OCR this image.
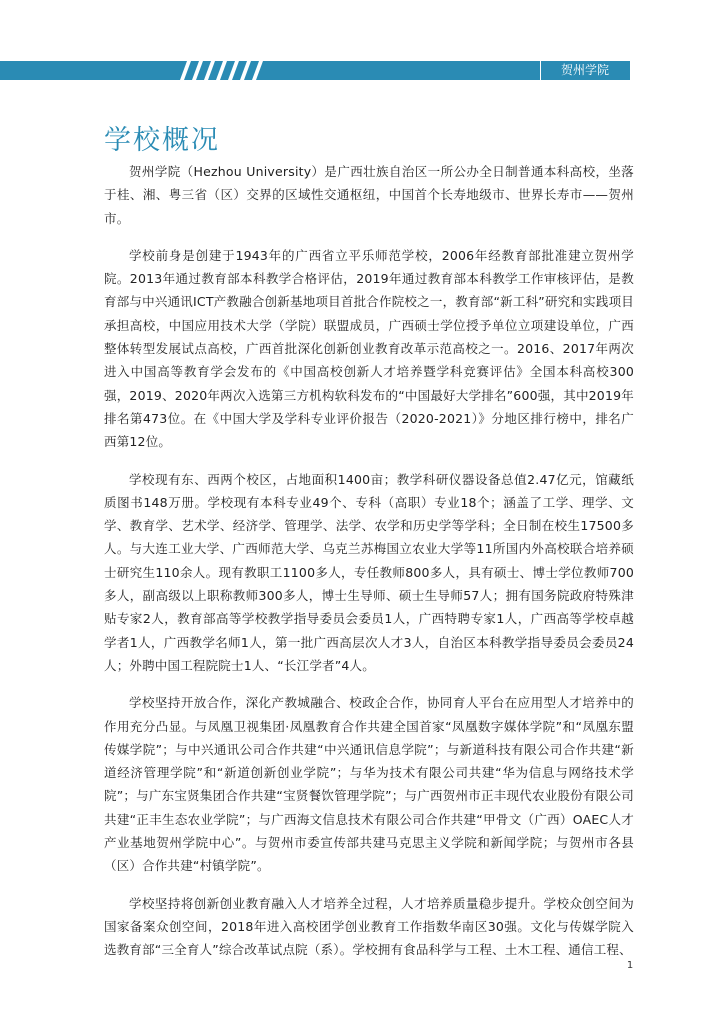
贺州学院
学校概况

贺州学院（Hezhou University）是广西壮族自治区一所公办全日制普通本科高校，坐落于桂、湘、粤三省（区）交界的区域性交通枢纽，中国首个长寿地级市、世界长寿市——贺州市。

学校前身是创建于1943年的广西省立平乐师范学校，2006年经教育部批准建立贺州学院。2013年通过教育部本科教学合格评估，2019年通过教育部本科教学工作审核评估，是教育部与中兴通讯ICT产教融合创新基地项目首批合作院校之一，教育部“新工科”研究和实践项目承担高校，中国应用技术大学（学院）联盟成员，广西硕士学位授予单位立项建设单位，广西整体转型发展试点高校，广西首批深化创新创业教育改革示范高校之一。2016、2017年两次进入中国高等教育学会发布的《中国高校创新人才培养暨学科竞赛评估》全国本科高校300强，2019、2020年两次入选第三方机构软科发布的“中国最好大学排名”600强，其中2019年排名第473位。在《中国大学及学科专业评价报告（2020-2021）》分地区排行榜中，排名广西第12位。

学校现有东、西两个校区，占地面积1400亩；教学科研仪器设备总值2.47亿元，馆藏纸质图书148万册。学校现有本科专业49个、专科（高职）专业18个；涵盖了工学、理学、文学、教育学、艺术学、经济学、管理学、法学、农学和历史学等学科；全日制在校生17500多人。与大连工业大学、广西师范大学、乌克兰苏梅国立农业大学等11所国内外高校联合培养硕士研究生110余人。现有教职工1100多人，专任教师800多人，具有硕士、博士学位教师700多人，副高级以上职称教师300多人，博士生导师、硕士生导师57人；拥有国务院政府特殊津贴专家2人，教育部高等学校教学指导委员会委员1人，广西特聘专家1人，广西高等学校卓越学者1人，广西教学名师1人，第一批广西高层次人才3人，自治区本科教学指导委员会委员24人；外聘中国工程院院士1人、“长江学者”4人。

学校坚持开放合作，深化产教城融合、校政企合作，协同育人平台在应用型人才培养中的作用充分凸显。与凤凰卫视集团·凤凰教育合作共建全国首家“凤凰数字媒体学院”和“凤凰东盟传媒学院”；与中兴通讯公司合作共建“中兴通讯信息学院”；与新道科技有限公司合作共建“新道经济管理学院”和“新道创新创业学院”；与华为技术有限公司共建“华为信息与网络技术学院”；与广东宝贤集团合作共建“宝贤餐饮管理学院”；与广西贺州市正丰现代农业股份有限公司共建“正丰生态农业学院”；与广西海文信息技术有限公司合作共建“甲骨文（广西）OAEC人才产业基地贺州学院中心”。与贺州市委宣传部共建马克思主义学院和新闻学院；与贺州市各县（区）合作共建“村镇学院”。

学校坚持将创新创业教育融入人才培养全过程，人才培养质量稳步提升。学校众创空间为国家备案众创空间，2018年进入高校团学创业教育工作指数华南区30强。文化与传媒学院入选教育部“三全育人”综合改革试点院（系）。学校拥有食品科学与工程、土木工程、通信工程、

1
